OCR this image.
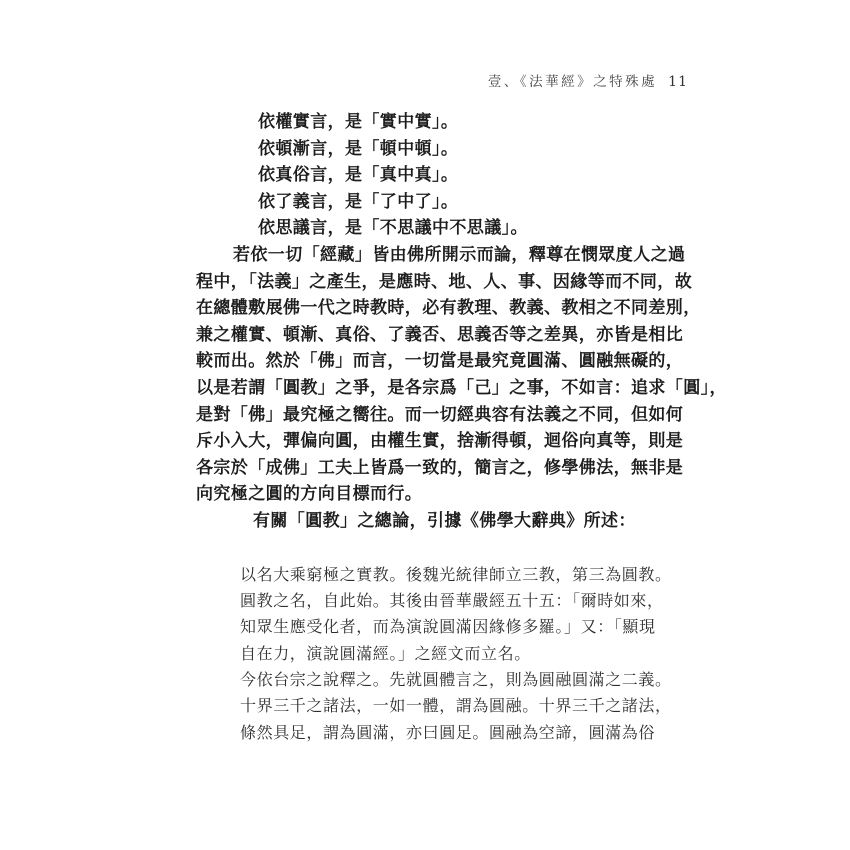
壹、《法華經》之特殊處 11
依權實言，是「實中實」。
依頓漸言，是「頓中頓」。
依真俗言，是「真中真」。
依了義言，是「了中了」。
依思議言，是「不思議中不思議」。
若依一切「經藏」皆由佛所開示而論，釋尊在憫眾度人之過
程中，「法義」之產生，是應時、地、人、事、因緣等而不同，故
在總體敷展佛一代之時教時，必有教理、教義、教相之不同差別，
兼之權實、頓漸、真俗、了義否、思義否等之差異，亦皆是相比
較而出。然於「佛」而言，一切當是最究竟圓滿、圓融無礙的，
以是若謂「圓教」之爭，是各宗爲「己」之事，不如言：追求「圓」，
是對「佛」最究極之嚮往。而一切經典容有法義之不同，但如何
斥小入大，彈偏向圓，由權生實，捨漸得頓，迴俗向真等，則是
各宗於「成佛」工夫上皆爲一致的，簡言之，修學佛法，無非是
向究極之圓的方向目標而行。
有關「圓教」之總論，引據《佛學大辭典》所述：
以名大乘窮極之實教。後魏光統律師立三教，第三為圓教。
圓教之名，自此始。其後由晉華嚴經五十五：「爾時如來，
知眾生應受化者，而為演說圓滿因緣修多羅。」又：「顯現
自在力，演說圓滿經。」之經文而立名。
今依台宗之說釋之。先就圓體言之，則為圓融圓滿之二義。
十界三千之諸法，一如一體，謂為圓融。十界三千之諸法，
條然具足，謂為圓滿，亦曰圓足。圓融為空諦，圓滿為俗
